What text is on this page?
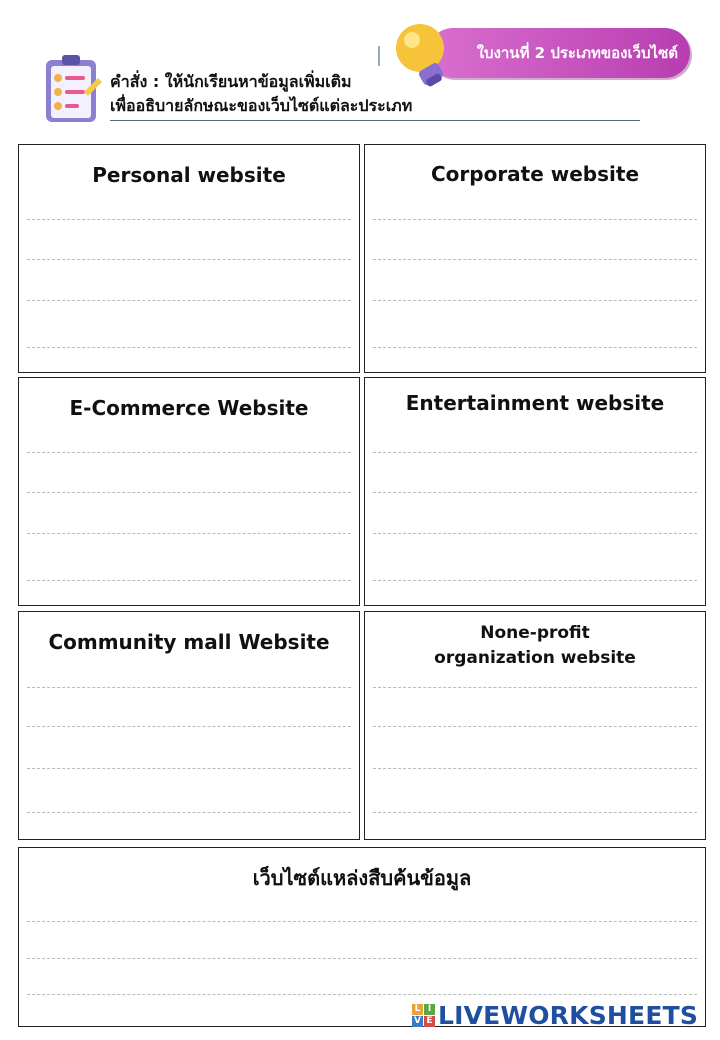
ใบงานที่ 2 ประเภทของเว็บไซต์
คำสั่ง : ให้นักเรียนหาข้อมูลเพิ่มเติม
เพื่ออธิบายลักษณะของเว็บไซต์แต่ละประเภท
Personal website	Corporate website
E-Commerce Website	Entertainment website
Community mall Website	None-profit
organization website
เว็บไซต์แหล่งสืบค้นข้อมูล
L I
V E LIVEWORKSHEETS
